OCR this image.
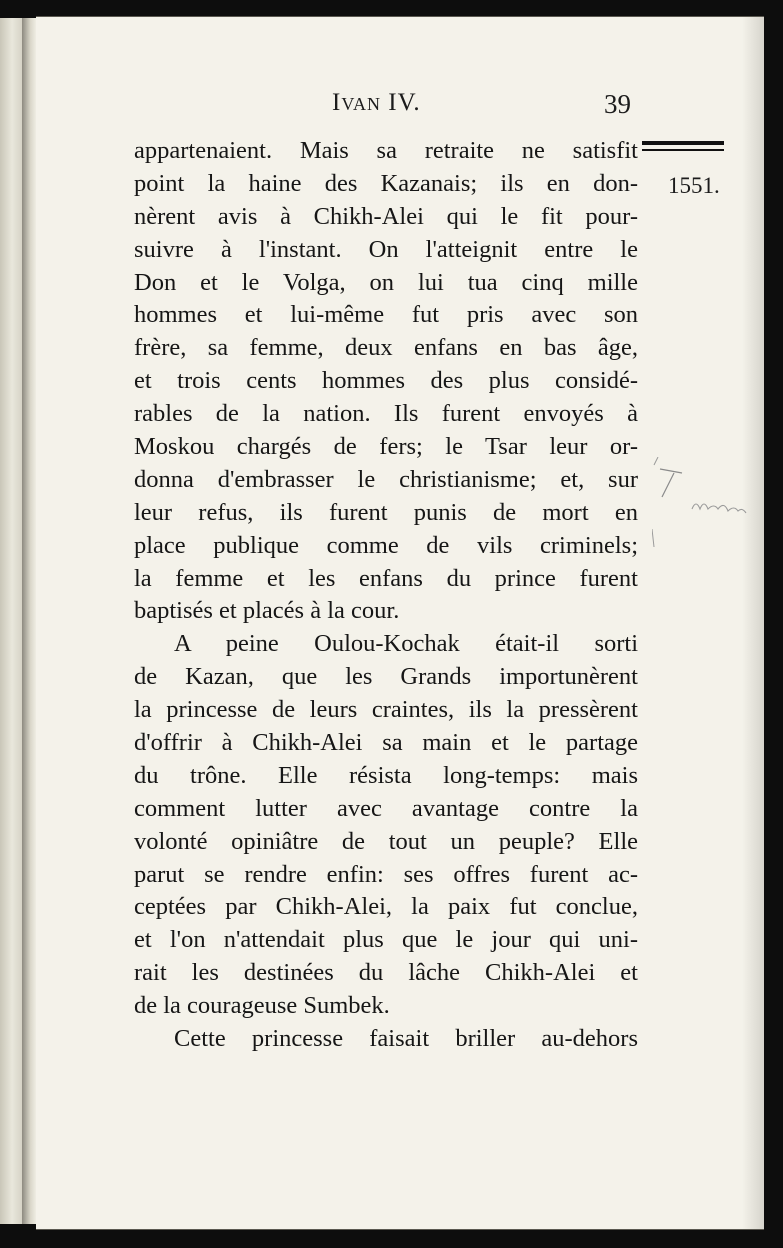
Ivan IV.	39
1551.
appartenaient. Mais sa retraite ne satisfit
point la haine des Kazanais; ils en don-
nèrent avis à Chikh-Alei qui le fit pour-
suivre à l'instant. On l'atteignit entre le
Don et le Volga, on lui tua cinq mille
hommes et lui-même fut pris avec son
frère, sa femme, deux enfans en bas âge,
et trois cents hommes des plus considé-
rables de la nation. Ils furent envoyés à
Moskou chargés de fers; le Tsar leur or-
donna d'embrasser le christianisme; et, sur
leur refus, ils furent punis de mort en
place publique comme de vils criminels;
la femme et les enfans du prince furent
baptisés et placés à la cour.
A peine Oulou-Kochak était-il sorti
de Kazan, que les Grands importunèrent
la princesse de leurs craintes, ils la pressèrent
d'offrir à Chikh-Alei sa main et le partage
du trône. Elle résista long-temps: mais
comment lutter avec avantage contre la
volonté opiniâtre de tout un peuple? Elle
parut se rendre enfin: ses offres furent ac-
ceptées par Chikh-Alei, la paix fut conclue,
et l'on n'attendait plus que le jour qui uni-
rait les destinées du lâche Chikh-Alei et
de la courageuse Sumbek.
Cette princesse faisait briller au-dehors
